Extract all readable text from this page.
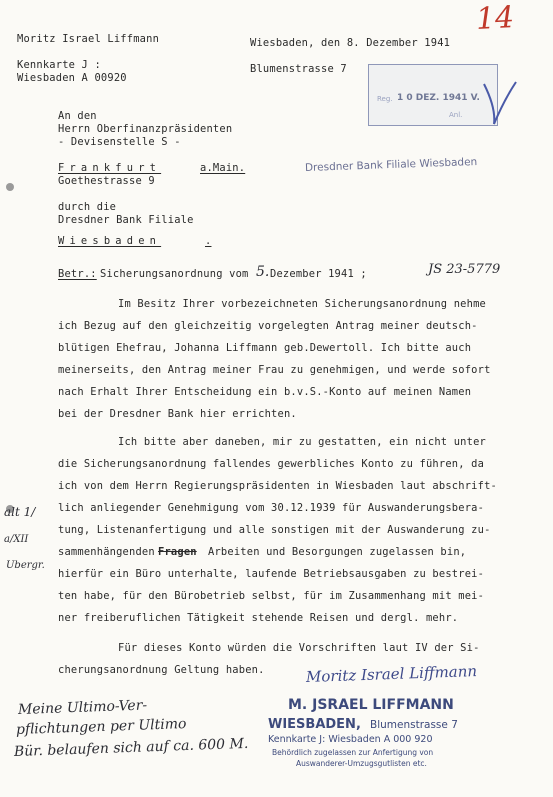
Moritz Israel Liffmann
Kennkarte J :
Wiesbaden A 00920
Wiesbaden, den 8. Dezember 1941
Blumenstrasse 7
14
Reg. 1 0 DEZ. 1941 V.
Anl.
Dresdner Bank Filiale Wiesbaden
An den
Herrn Oberfinanzpräsidenten
- Devisenstelle S -
Frankfurt	a.Main.
Goethestrasse 9
durch die
Dresdner Bank Filiale
Wiesbaden	.
Betr.: Sicherungsanordnung vom 5. Dezember 1941 ;	JS 23-5779
Im Besitz Ihrer vorbezeichneten Sicherungsanordnung nehme
ich Bezug auf den gleichzeitig vorgelegten Antrag meiner deutsch-
blütigen Ehefrau, Johanna Liffmann geb.Dewertoll. Ich bitte auch
meinerseits, den Antrag meiner Frau zu genehmigen, und werde sofort
nach Erhalt Ihrer Entscheidung ein b.v.S.-Konto auf meinen Namen
bei der Dresdner Bank hier errichten.
Ich bitte aber daneben, mir zu gestatten, ein nicht unter
die Sicherungsanordnung fallendes gewerbliches Konto zu führen, da
ich von dem Herrn Regierungspräsidenten in Wiesbaden laut abschrift-
lich anliegender Genehmigung vom 30.12.1939 für Auswanderungsbera-
tung, Listenanfertigung und alle sonstigen mit der Auswanderung zu-
sammenhängenden Fragen Arbeiten und Besorgungen zugelassen bin,
hierfür ein Büro unterhalte, laufende Betriebsausgaben zu bestrei-
ten habe, für den Bürobetrieb selbst, für im Zusammenhang mit mei-
ner freiberuflichen Tätigkeit stehende Reisen und dergl. mehr.
Für dieses Konto würden die Vorschriften laut IV der Si-
cherungsanordnung Geltung haben.
alt 1/
a/XII
Ubergr.
Moritz Israel Liffmann
M. JSRAEL LIFFMANN
WIESBADEN, Blumenstrasse 7
Kennkarte J: Wiesbaden A 000 920
Behördlich zugelassen zur Anfertigung von
Auswanderer-Umzugsgutlisten etc.
Meine Ultimo-Ver-
pflichtungen per Ultimo
Bür. belaufen sich auf ca. 600 M.
